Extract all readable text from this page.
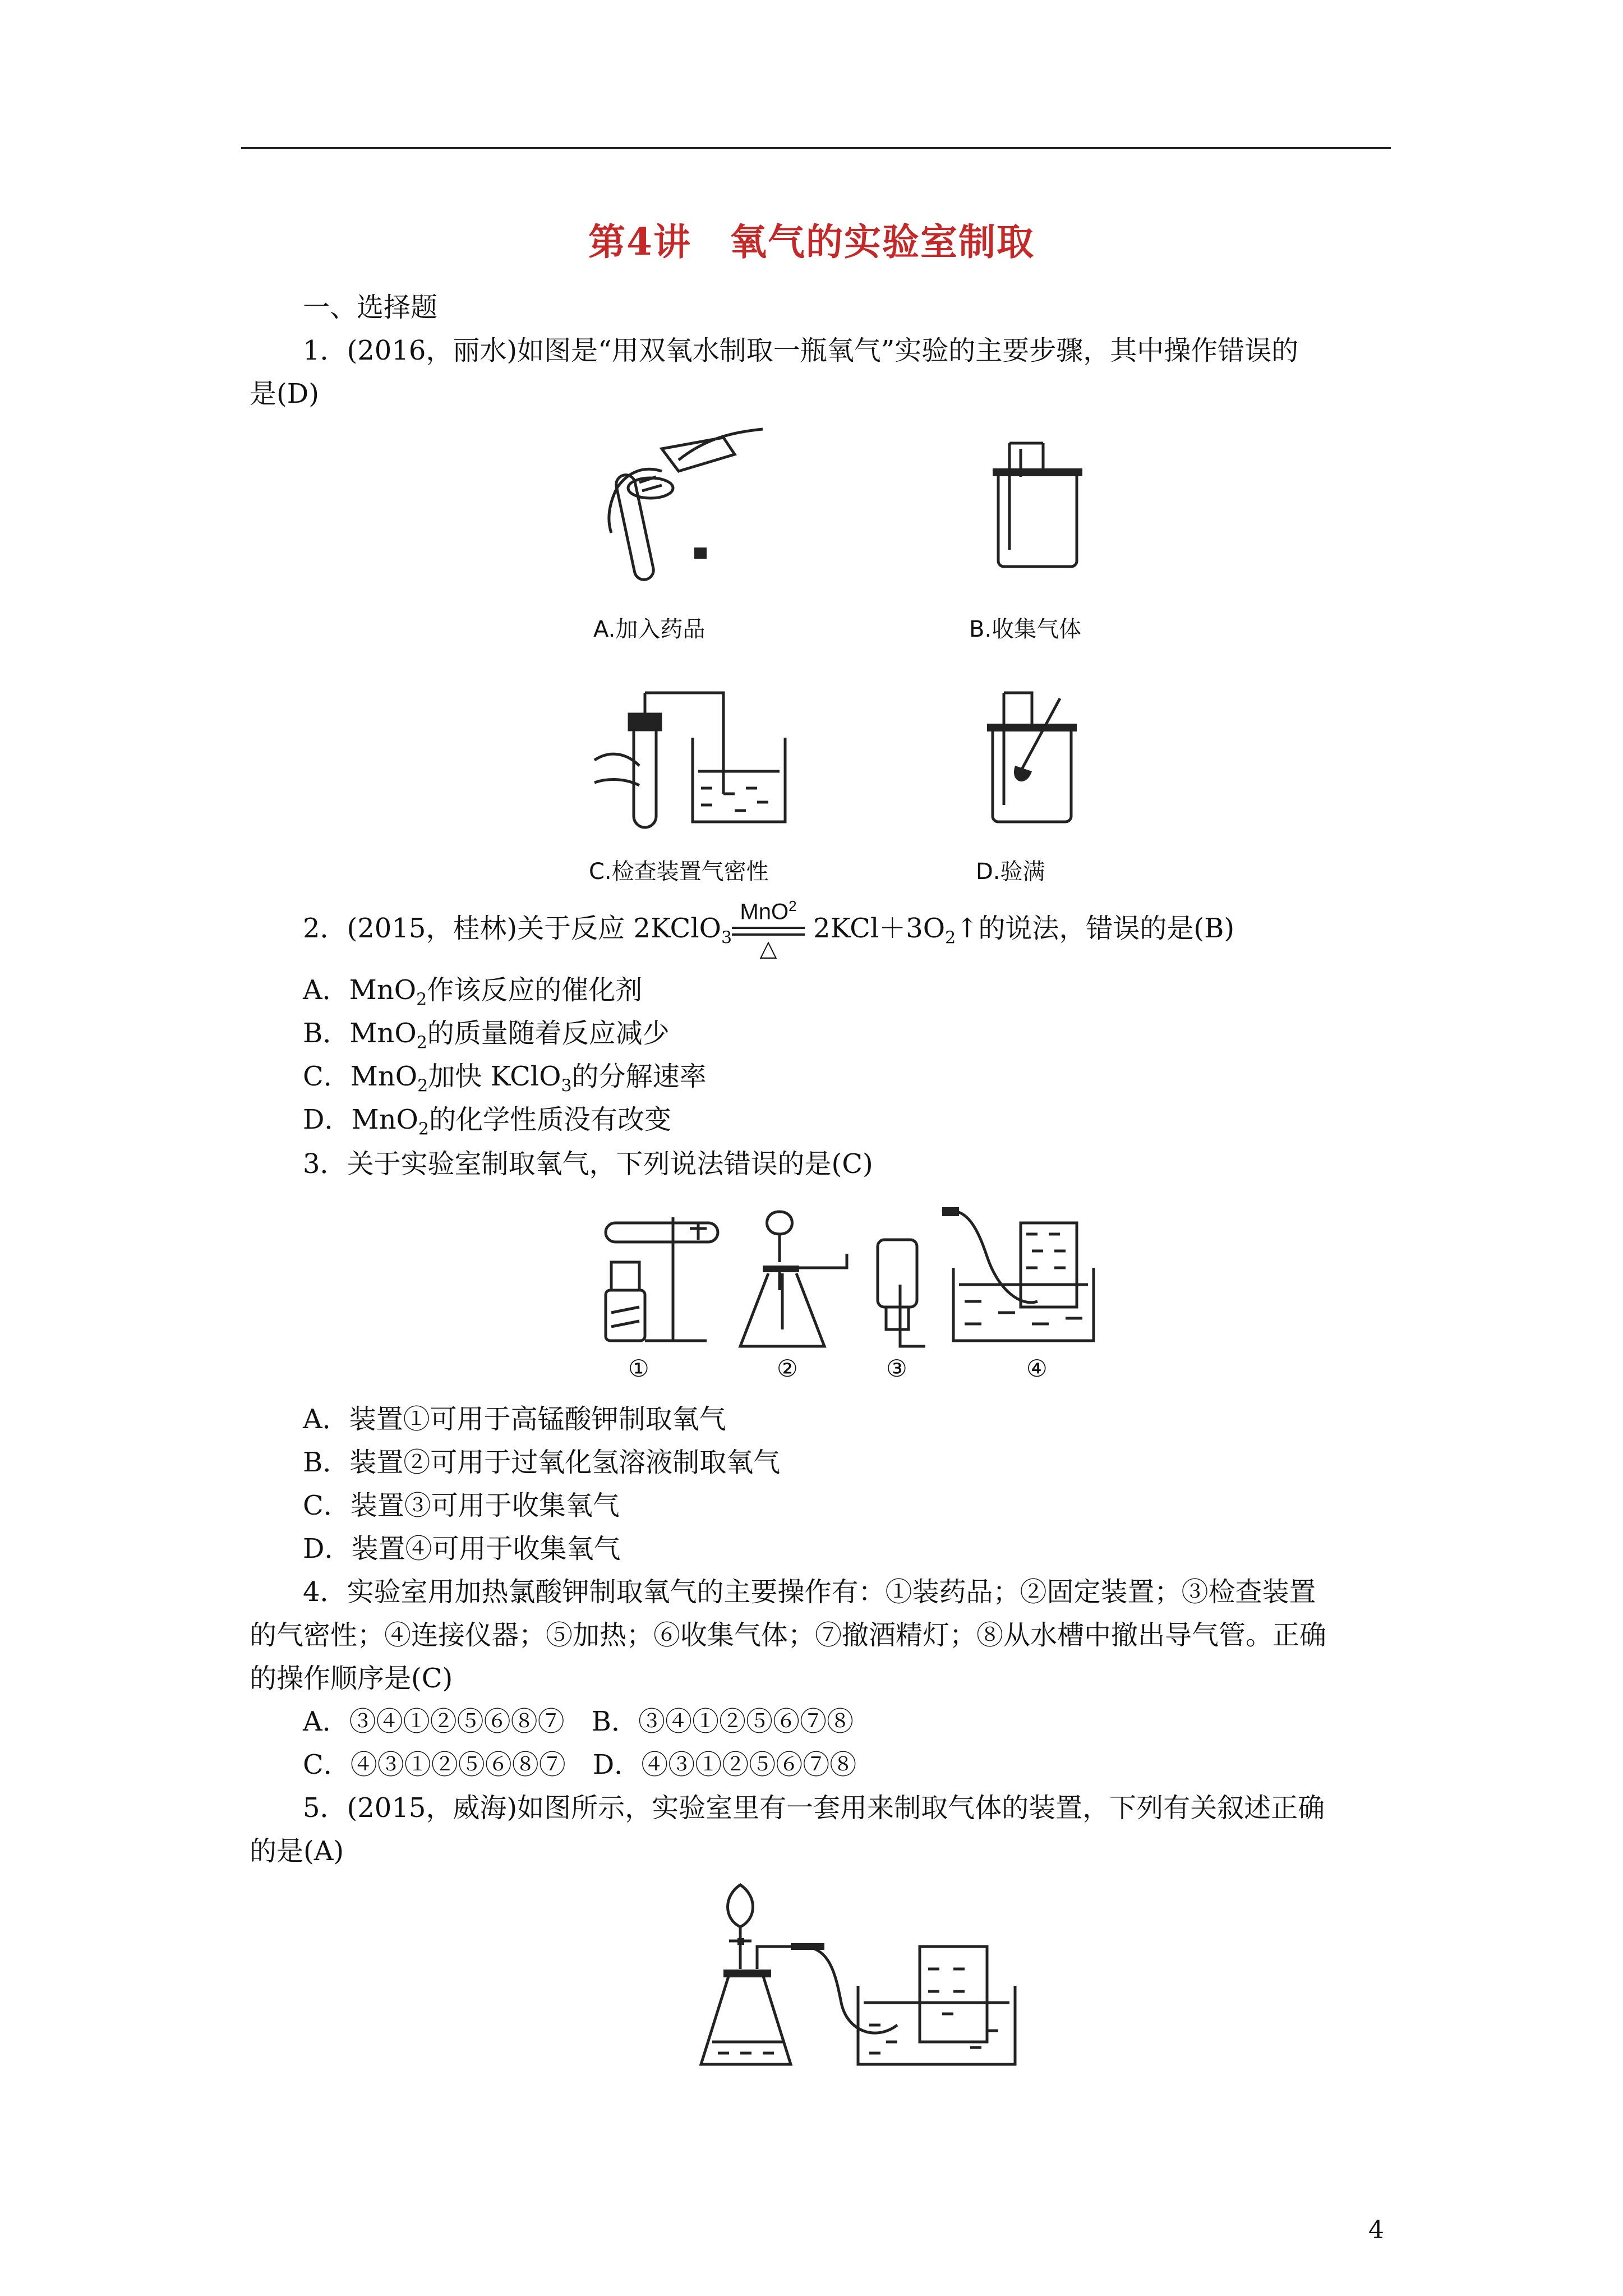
第4讲　氧气的实验室制取
一、选择题
1．(2016，丽水)如图是“用双氧水制取一瓶氧气”实验的主要步骤，其中操作错误的
是(D)
A.加入药品	B.收集气体
C.检查装置气密性	D.验满
2．(2015，桂林)关于反应 2KClO$_3$
MnO$^2$
△
$2KCl+3O_2↑$的说法，错误的是(B)
A．MnO$_2$作该反应的催化剂
B．MnO$_2$的质量随着反应减少
C．MnO$_2$加快 KClO$_3$的分解速率
D．MnO$_2$的化学性质没有改变
3．关于实验室制取氧气，下列说法错误的是(C)
①	②	③	④
A．装置①可用于高锰酸钾制取氧气
B．装置②可用于过氧化氢溶液制取氧气
C．装置③可用于收集氧气
D．装置④可用于收集氧气
4．实验室用加热氯酸钾制取氧气的主要操作有：①装药品；②固定装置；③检查装置
的气密性；④连接仪器；⑤加热；⑥收集气体；⑦撤酒精灯；⑧从水槽中撤出导气管。正确
的操作顺序是(C)
A．③④①②⑤⑥⑧⑦　B．③④①②⑤⑥⑦⑧
C．④③①②⑤⑥⑧⑦　D．④③①②⑤⑥⑦⑧
5．(2015，威海)如图所示，实验室里有一套用来制取气体的装置，下列有关叙述正确
的是(A)
4
